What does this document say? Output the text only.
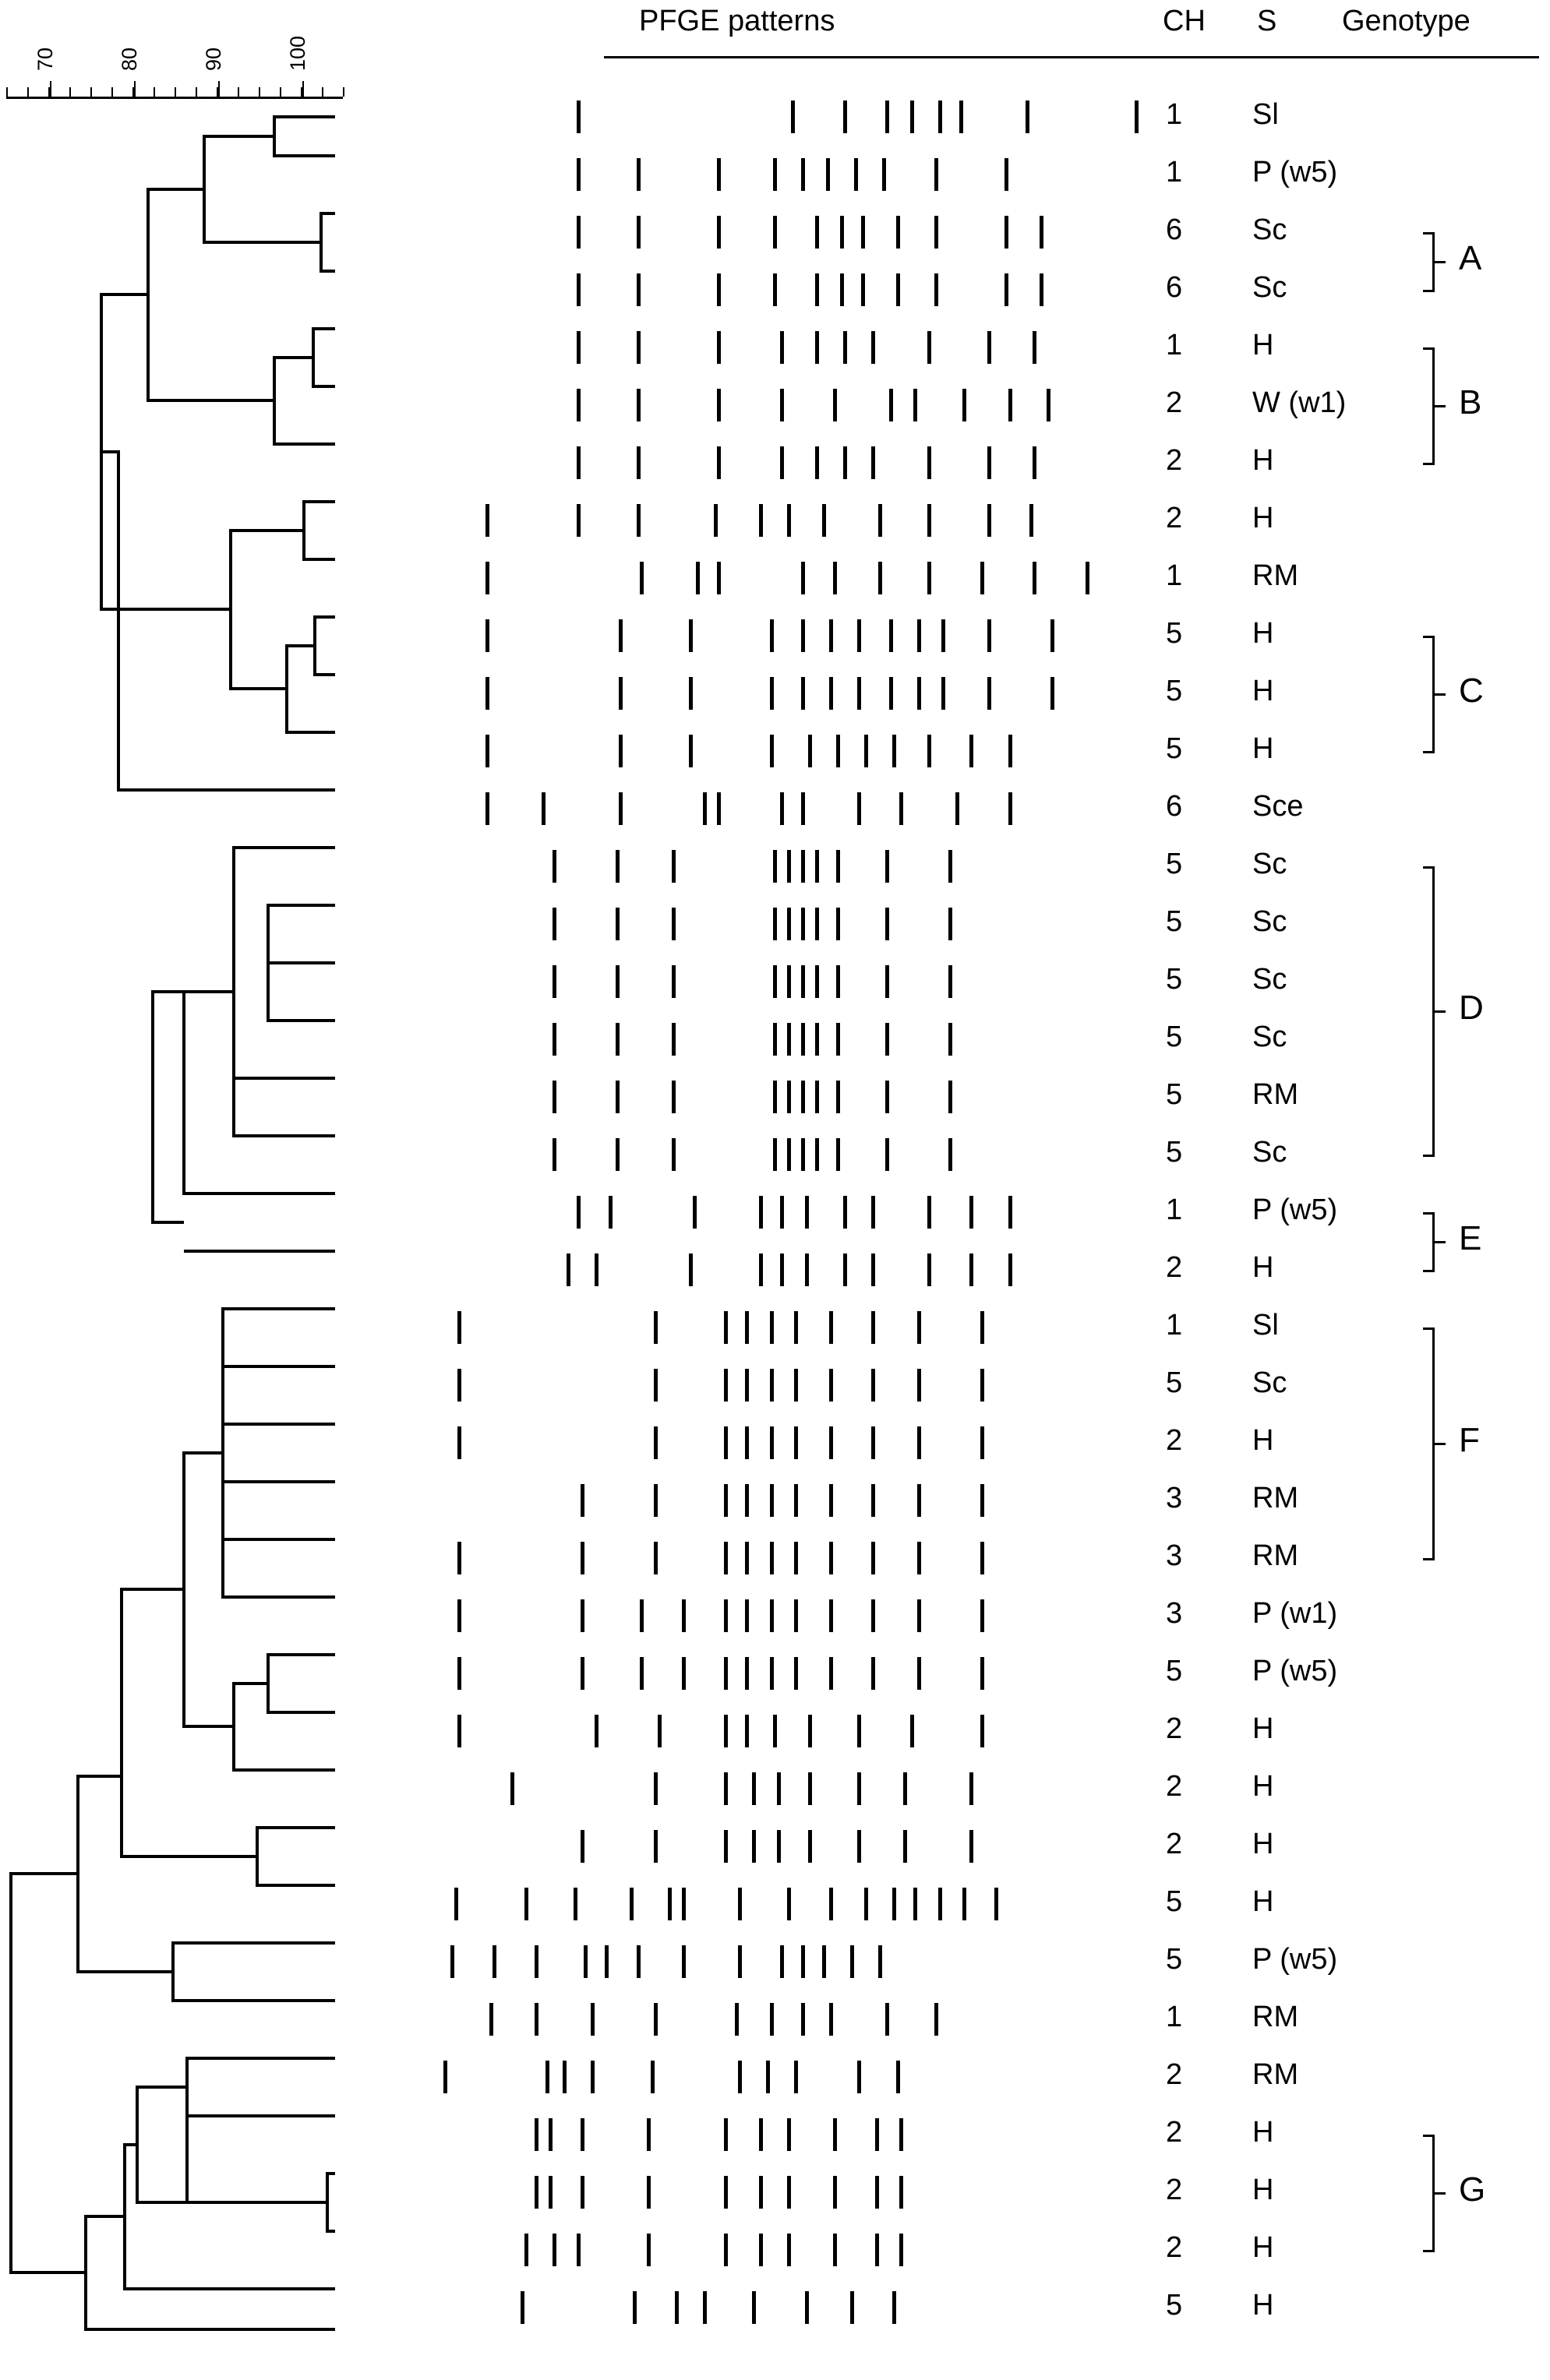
PFGE patterns	CH S Genotype
70	80	90	100
1 Sl
1 P (w5)
6 Sc
6 Sc
1 H
2 W (w1)
2 H
2 H
1 RM
5 H
5 H
5 H
6 Sce
5 Sc
5 Sc
5 Sc
5 Sc
5 RM
5 Sc
1 P (w5)
2 H
1 Sl
5 Sc
2 H
3 RM
3 RM
3 P (w1)
5 P (w5)
2 H
2 H
2 H
5 H
5 P (w5)
1 RM
2 RM
2 H
2 H
2 H
5 H
A
B
C
D
E
F
G
